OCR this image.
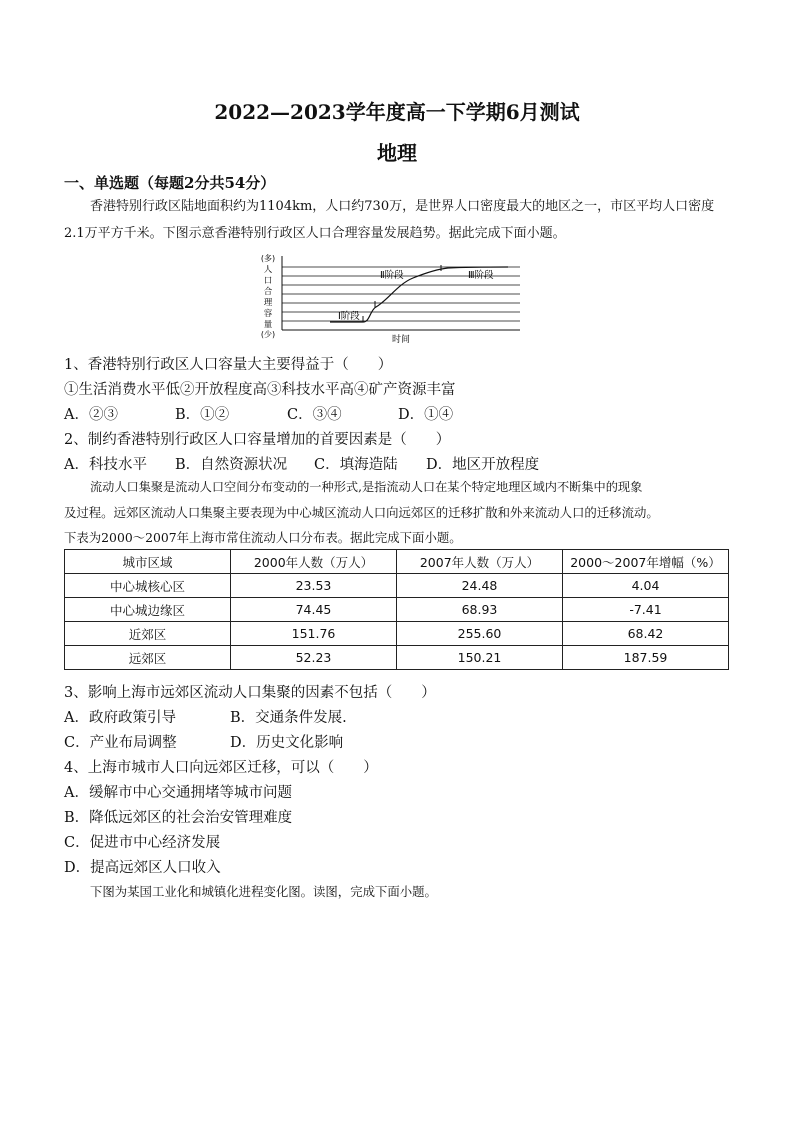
2022—2023学年度高一下学期6月测试
地理
一、单选题（每题2分共54分）
香港特别行政区陆地面积约为1104km，人口约730万，是世界人口密度最大的地区之一，市区平均人口密度2.1万平方千米。下图示意香港特别行政区人口合理容量发展趋势。据此完成下面小题。
(多)
人
口
合
理
容
量
(少)
Ⅰ阶段
Ⅱ阶段	Ⅲ阶段
时间
1、香港特别行政区人口容量大主要得益于（　　）
①生活消费水平低②开放程度高③科技水平高④矿产资源丰富
A．②③	B．①②	C．③④	D．①④
2、制约香港特别行政区人口容量增加的首要因素是（　　）
A．科技水平 B．自然资源状况 C．填海造陆 D．地区开放程度
流动人口集聚是流动人口空间分布变动的一种形式,是指流动人口在某个特定地理区域内不断集中的现象
及过程。远郊区流动人口集聚主要表现为中心城区流动人口向远郊区的迁移扩散和外来流动人口的迁移流动。
下表为2000～2007年上海市常住流动人口分布表。据此完成下面小题。
城市区域	2000年人数（万人）	2007年人数（万人）	2000～2007年增幅（%）
中心城核心区	23.53	24.48	4.04
中心城边缘区	74.45	68.93	-7.41
近郊区	151.76	255.60	68.42
远郊区	52.23	150.21	187.59
3、影响上海市远郊区流动人口集聚的因素不包括（　　）
A．政府政策引导	B．交通条件发展.
C．产业布局调整	D．历史文化影响
4、上海市城市人口向远郊区迁移，可以（　　）
A．缓解市中心交通拥堵等城市问题
B．降低远郊区的社会治安管理难度
C．促进市中心经济发展
D．提高远郊区人口收入
下图为某国工业化和城镇化进程变化图。读图，完成下面小题。
